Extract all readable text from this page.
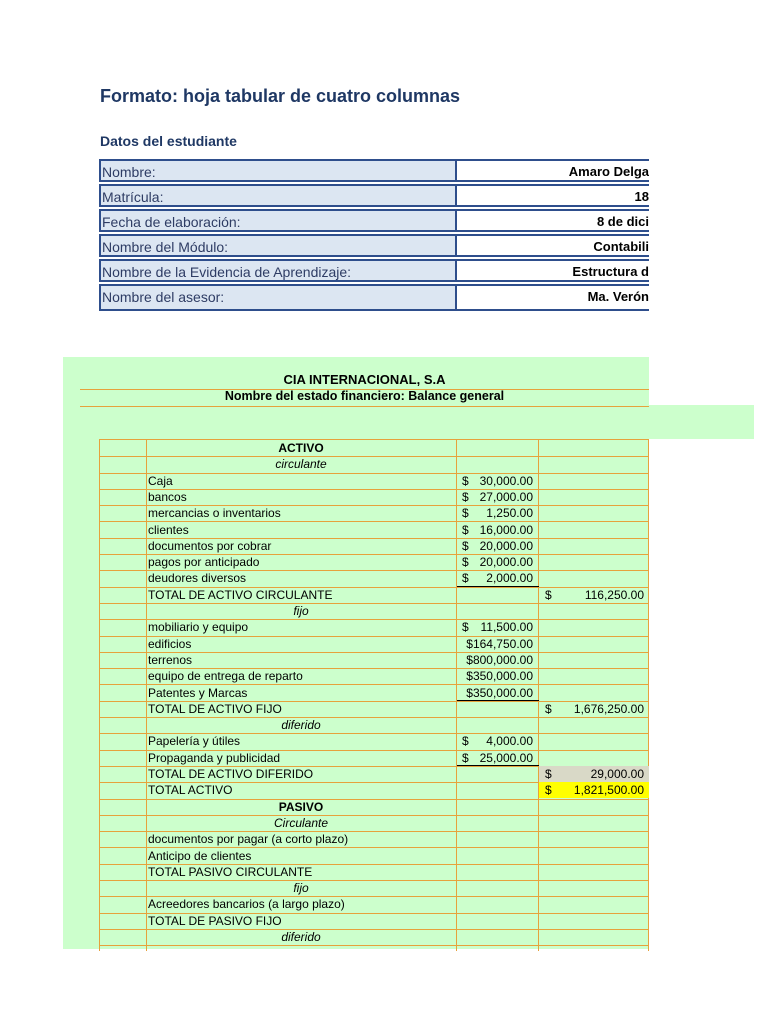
Formato: hoja tabular de cuatro columnas
Datos del estudiante
Nombre:	Amaro Delga
Matrícula:	18
Fecha de elaboración:	8 de dici
Nombre del Módulo:	Contabili
Nombre de la Evidencia de Aprendizaje:	Estructura d
Nombre del asesor:	Ma. Verón
CIA INTERNACIONAL, S.A
Nombre del estado financiero: Balance general
ACTIVO
circulante
Caja	$ 30,000.00
bancos	$ 27,000.00
mercancias o inventarios	$ 1,250.00
clientes	$ 16,000.00
documentos por cobrar	$ 20,000.00
pagos por anticipado	$ 20,000.00
deudores diversos	$ 2,000.00
TOTAL DE ACTIVO CIRCULANTE	$	116,250.00
fijo
mobiliario y equipo	$ 11,500.00
edificios	$164,750.00
terrenos	$800,000.00
equipo de entrega de reparto	$350,000.00
Patentes y Marcas	$350,000.00
TOTAL DE ACTIVO FIJO	$ 1,676,250.00
diferido
Papelería y útiles	$ 4,000.00
Propaganda y publicidad	$ 25,000.00
TOTAL DE ACTIVO DIFERIDO	$	29,000.00
TOTAL ACTIVO	$ 1,821,500.00
PASIVO
Circulante
documentos por pagar (a corto plazo)
Anticipo de clientes
TOTAL PASIVO CIRCULANTE
fijo
Acreedores bancarios (a largo plazo)
TOTAL DE PASIVO FIJO
diferido
